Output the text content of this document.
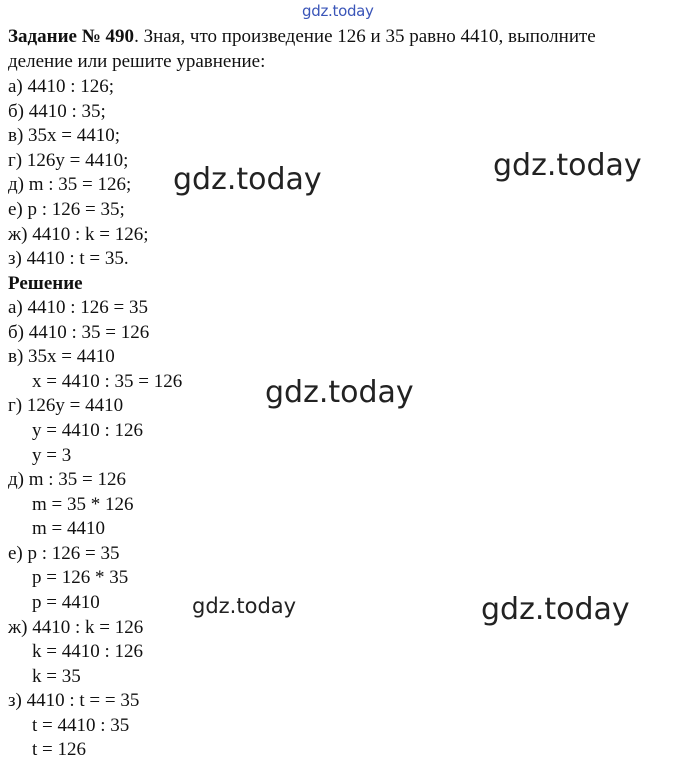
gdz.today
gdz.today	gdz.today
gdz.today
gdz.today	gdz.today
Задание № 490. Зная, что произведение 126 и 35 равно 4410, выполните
деление или решите уравнение:
а) 4410 : 126;
б) 4410 : 35;
в) 35x = 4410;
г) 126y = 4410;
д) m : 35 = 126;
е) p : 126 = 35;
ж) 4410 : k = 126;
з) 4410 : t = 35.
Решение
а) 4410 : 126 = 35
б) 4410 : 35 = 126
в) 35x = 4410
x = 4410 : 35 = 126
г) 126y = 4410
y = 4410 : 126
y = 3
д) m : 35 = 126
m = 35 * 126
m = 4410
е) p : 126 = 35
p = 126 * 35
p = 4410
ж) 4410 : k = 126
k = 4410 : 126
k = 35
з) 4410 : t = = 35
t = 4410 : 35
t = 126
